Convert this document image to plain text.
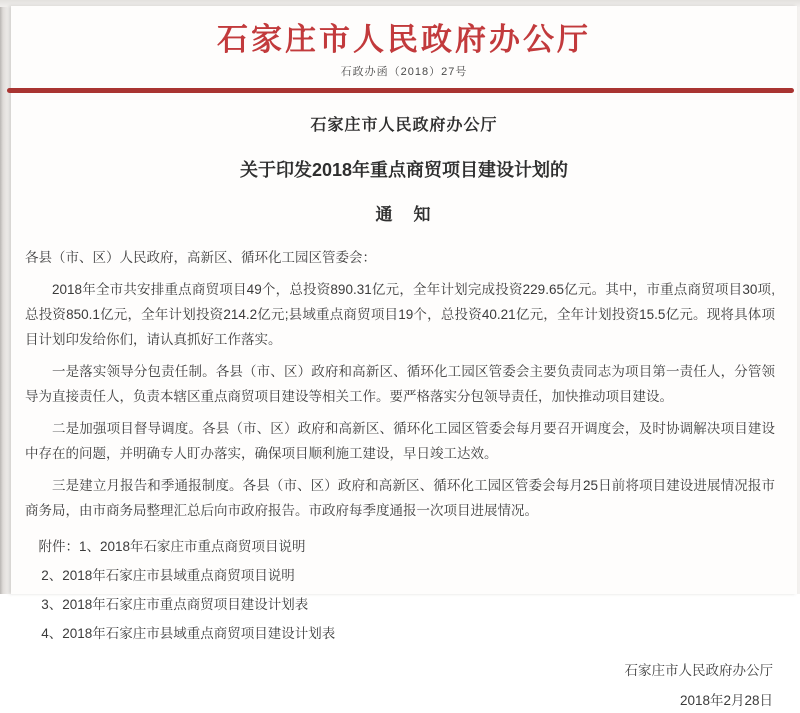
石家庄市人民政府办公厅
石政办函（2018）27号
石家庄市人民政府办公厅
关于印发2018年重点商贸项目建设计划的
通　知

各县（市、区）人民政府，高新区、循环化工园区管委会：

2018年全市共安排重点商贸项目49个，总投资890.31亿元，全年计划完成投资229.65亿元。其中，市重点商贸项目30项,总投资850.1亿元，全年计划投资214.2亿元;县域重点商贸项目19个，总投资40.21亿元，全年计划投资15.5亿元。现将具体项目计划印发给你们，请认真抓好工作落实。

一是落实领导分包责任制。各县（市、区）政府和高新区、循环化工园区管委会主要负责同志为项目第一责任人，分管领导为直接责任人，负责本辖区重点商贸项目建设等相关工作。要严格落实分包领导责任，加快推动项目建设。

二是加强项目督导调度。各县（市、区）政府和高新区、循环化工园区管委会每月要召开调度会，及时协调解决项目建设中存在的问题，并明确专人盯办落实，确保项目顺利施工建设，早日竣工达效。

三是建立月报告和季通报制度。各县（市、区）政府和高新区、循环化工园区管委会每月25日前将项目建设进展情况报市商务局，由市商务局整理汇总后向市政府报告。市政府每季度通报一次项目进展情况。

附件：1、2018年石家庄市重点商贸项目说明

2、2018年石家庄市县域重点商贸项目说明

3、2018年石家庄市重点商贸项目建设计划表

4、2018年石家庄市县域重点商贸项目建设计划表

石家庄市人民政府办公厅
2018年2月28日
